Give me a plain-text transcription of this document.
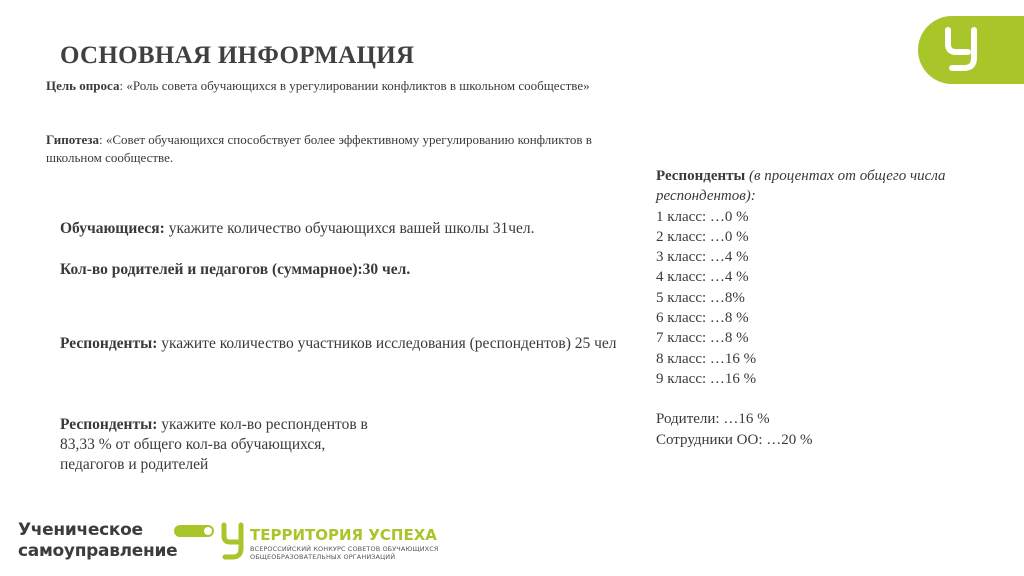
ОСНОВНАЯ ИНФОРМАЦИЯ
Цель опроса: «Роль совета обучающихся в урегулировании конфликтов в школьном сообществе»
Гипотеза: «Совет обучающихся способствует более эффективному урегулированию конфликтов в школьном сообществе.
Обучающиеся: укажите количество обучающихся вашей школы 31чел.
Кол-во родителей и педагогов (суммарное):30 чел.
Респонденты: укажите количество участников исследования (респондентов) 25 чел
Респонденты: укажите кол-во респондентов в
83,33 % от общего кол-ва обучающихся,
педагогов и родителей
Респонденты (в процентах от общего числа респондентов):
1 класс: …0 %
2 класс: …0 %
3 класс: …4 %
4 класс: …4 %
5 класс: …8%
6 класс: …8 %
7 класс: …8 %
8 класс: …16 %
9 класс: …16 %
Родители: …16 %
Сотрудники ОО: …20 %
Ученическое
самоуправление
ТЕРРИТОРИЯ УСПЕХА
ВСЕРОССИЙСКИЙ КОНКУРС СОВЕТОВ ОБУЧАЮЩИХСЯ
ОБЩЕОБРАЗОВАТЕЛЬНЫХ ОРГАНИЗАЦИЙ
